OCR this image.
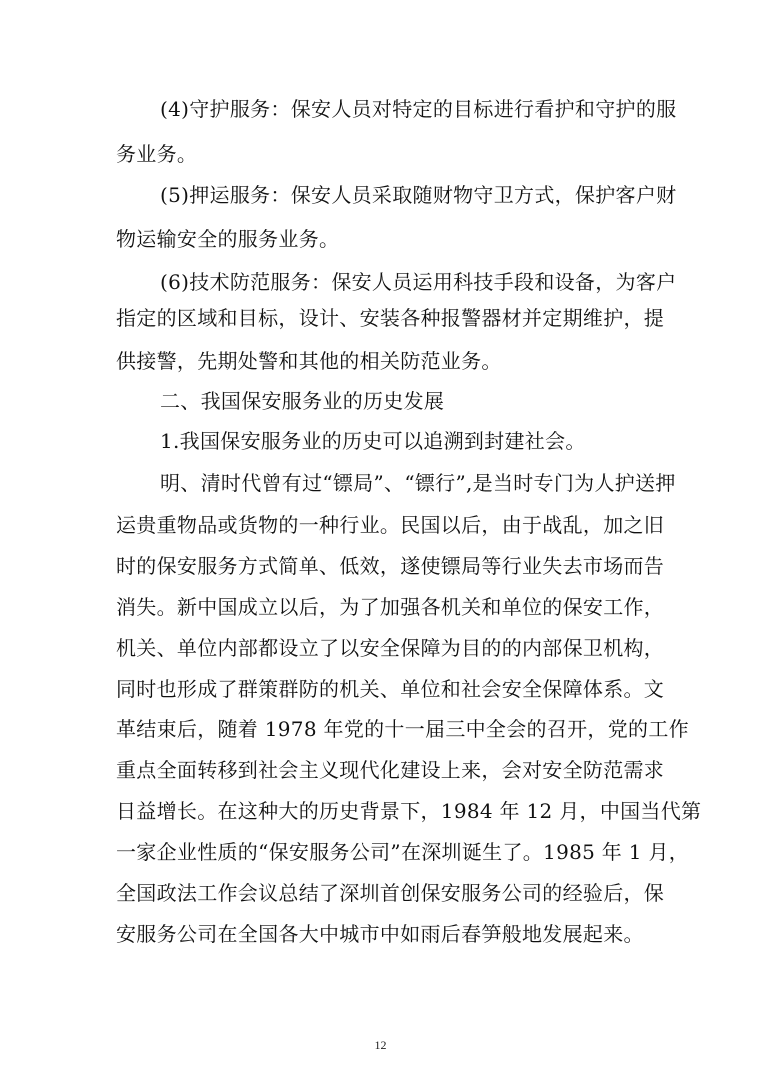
(4)守护服务：保安人员对特定的目标进行看护和守护的服
务业务。
(5)押运服务：保安人员采取随财物守卫方式，保护客户财
物运输安全的服务业务。
(6)技术防范服务：保安人员运用科技手段和设备，为客户
指定的区域和目标，设计、安装各种报警器材并定期维护，提
供接警，先期处警和其他的相关防范业务。
二、我国保安服务业的历史发展
1.我国保安服务业的历史可以追溯到封建社会。
明、清时代曾有过“镖局”、“镖行”,是当时专门为人护送押
运贵重物品或货物的一种行业。民国以后，由于战乱，加之旧
时的保安服务方式简单、低效，遂使镖局等行业失去市场而告
消失。新中国成立以后，为了加强各机关和单位的保安工作，
机关、单位内部都设立了以安全保障为目的的内部保卫机构，
同时也形成了群策群防的机关、单位和社会安全保障体系。文
革结束后，随着 1978 年党的十一届三中全会的召开，党的工作
重点全面转移到社会主义现代化建设上来，会对安全防范需求
日益增长。在这种大的历史背景下，1984 年 12 月，中国当代第
一家企业性质的“保安服务公司”在深圳诞生了。1985 年 1 月，
全国政法工作会议总结了深圳首创保安服务公司的经验后，保
安服务公司在全国各大中城市中如雨后春笋般地发展起来。
12
